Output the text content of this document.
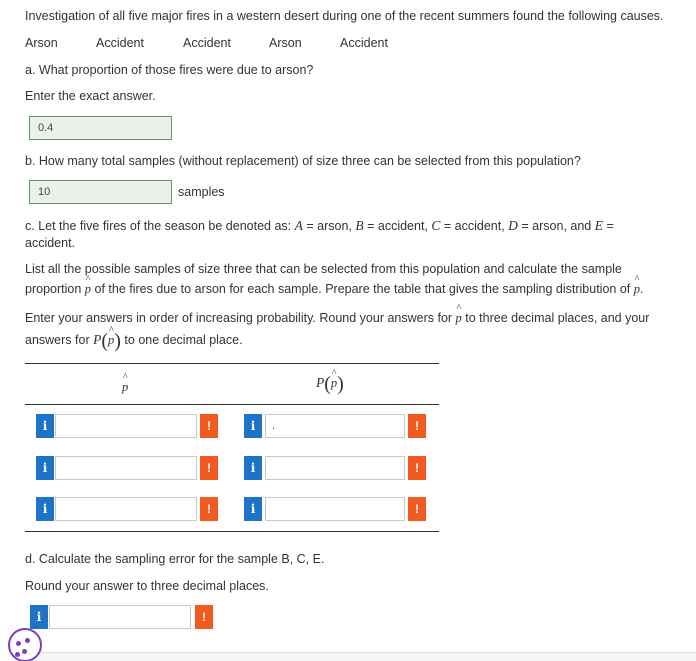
Investigation of all five major fires in a western desert during one of the recent summers found the following causes.
Arson	Accident	Accident	Arson	Accident
a. What proportion of those fires were due to arson?
Enter the exact answer.
0.4
b. How many total samples (without replacement) of size three can be selected from this population?
10	samples
c. Let the five fires of the season be denoted as: A = arson, B = accident, C = accident, D = arson, and E =
accident.
List all the possible samples of size three that can be selected from this population and calculate the sample
proportion
^
p of the fires due to arson for each sample. Prepare the table that gives the sampling distribution of
^
p.
Enter your answers in order of increasing probability. Round your answers for
^
p to three decimal places, and your
answers for P( ^
p) to one decimal place.
^
p	P( ^
p)
i	!	i	.	!
i	!	i	!
i	!	i	!
d. Calculate the sampling error for the sample B, C, E.
Round your answer to three decimal places.
i	!
